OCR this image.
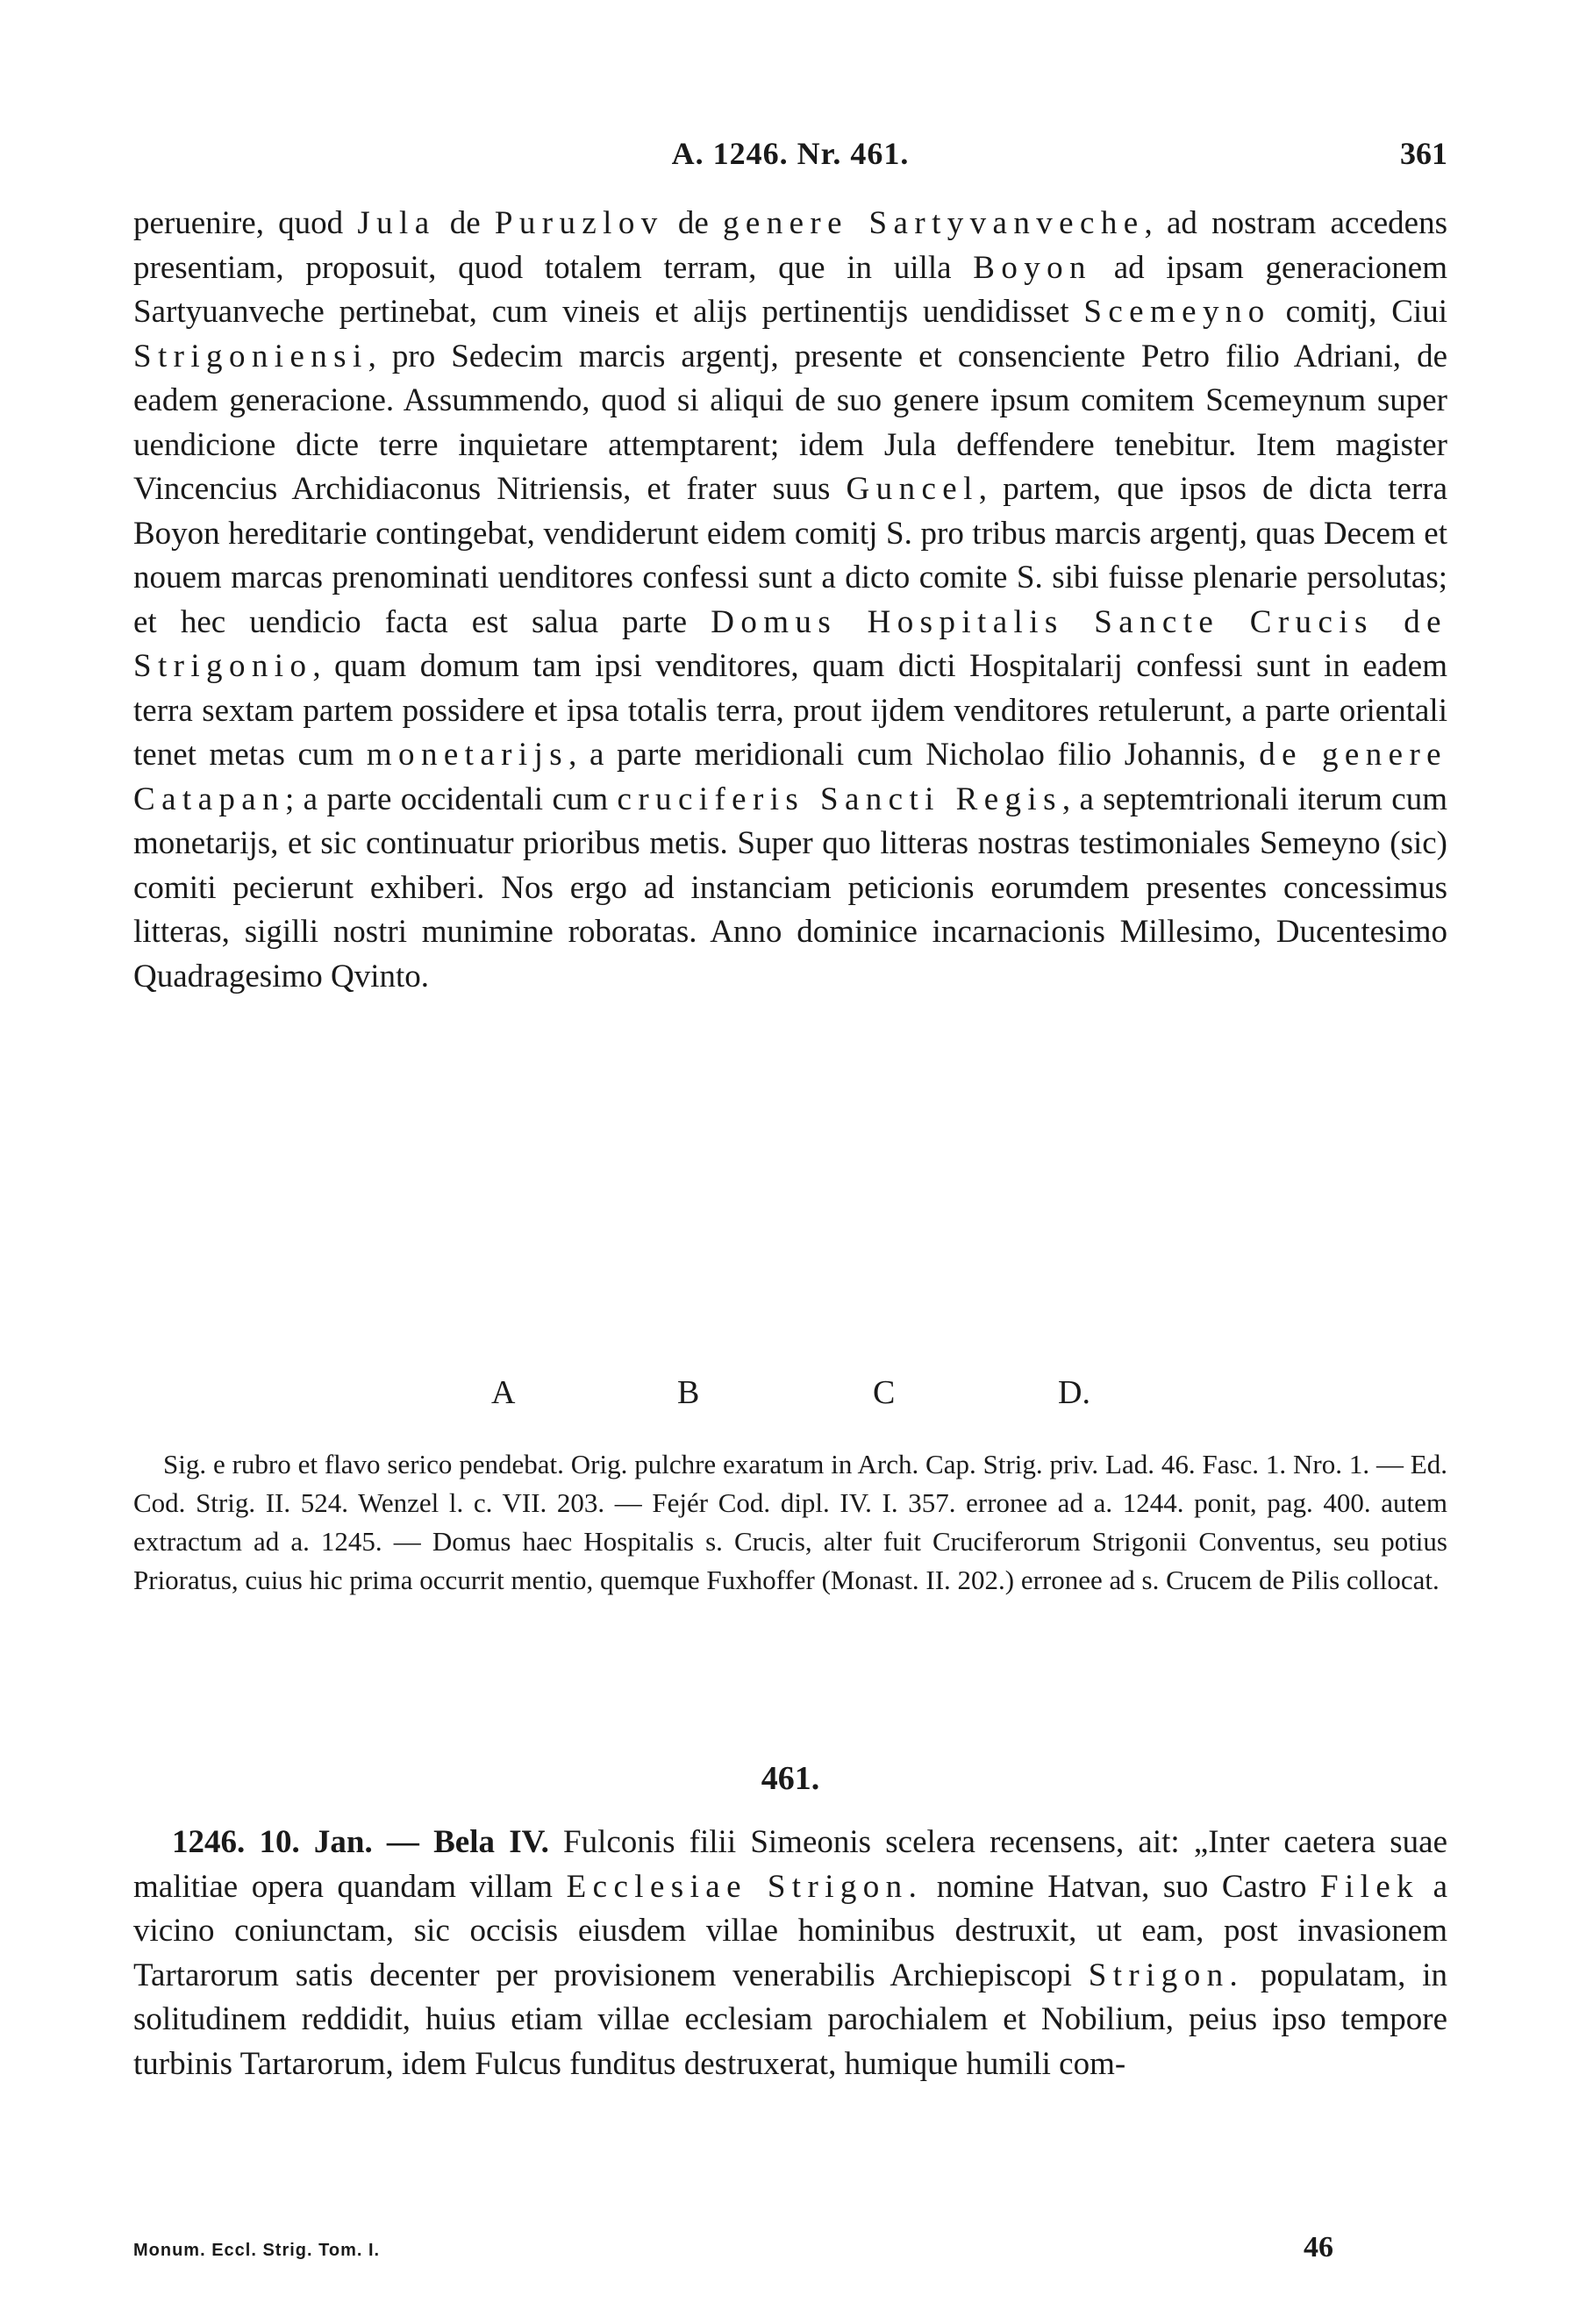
A. 1246. Nr. 461.	361

peruenire, quod Jula de Puruzlov de genere Sartyvanveche, ad nostram accedens presentiam, proposuit, quod totalem terram, que in uilla Boyon ad ipsam generacionem Sartyuanveche pertinebat, cum vineis et alijs pertinentijs uendidisset Scemeyno comitj, Ciui Strigoniensi, pro Sedecim marcis argentj, presente et consenciente Petro filio Adriani, de eadem generacione. Assummendo, quod si aliqui de suo genere ipsum comitem Scemeynum super uendicione dicte terre inquietare attemptarent; idem Jula deffendere tenebitur. Item magister Vincencius Archidiaconus Nitriensis, et frater suus Guncel, partem, que ipsos de dicta terra Boyon hereditarie contingebat, vendiderunt eidem comitj S. pro tribus marcis argentj, quas Decem et nouem marcas prenominati uenditores confessi sunt a dicto comite S. sibi fuisse plenarie persolutas; et hec uendicio facta est salua parte Domus Hospitalis Sancte Crucis de Strigonio, quam domum tam ipsi venditores, quam dicti Hospitalarij confessi sunt in eadem terra sextam partem possidere et ipsa totalis terra, prout ijdem venditores retulerunt, a parte orientali tenet metas cum monetarijs, a parte meridionali cum Nicholao filio Johannis, de genere Catapan; a parte occidentali cum cruciferis Sancti Regis, a septemtrionali iterum cum monetarijs, et sic continuatur prioribus metis. Super quo litteras nostras testimoniales Semeyno (sic) comiti pecierunt exhiberi. Nos ergo ad instanciam peticionis eorumdem presentes concessimus litteras, sigilli nostri munimine roboratas. Anno dominice incarnacionis Millesimo, Ducentesimo Quadragesimo Qvinto.

A	B	C	D.

Sig. e rubro et flavo serico pendebat. Orig. pulchre exaratum in Arch. Cap. Strig. priv. Lad. 46. Fasc. 1. Nro. 1. — Ed. Cod. Strig. II. 524. Wenzel l. c. VII. 203. — Fejér Cod. dipl. IV. I. 357. erronee ad a. 1244. ponit, pag. 400. autem extractum ad a. 1245. — Domus haec Hospitalis s. Crucis, alter fuit Cruciferorum Strigonii Conventus, seu potius Prioratus, cuius hic prima occurrit mentio, quemque Fuxhoffer (Monast. II. 202.) erronee ad s. Crucem de Pilis collocat.

461.

1246. 10. Jan. — Bela IV. Fulconis filii Simeonis scelera recensens, ait: „Inter caetera suae malitiae opera quandam villam Ecclesiae Strigon. nomine Hatvan, suo Castro Filek a vicino coniunctam, sic occisis eiusdem villae hominibus destruxit, ut eam, post invasionem Tartarorum satis decenter per provisionem venerabilis Archiepiscopi Strigon. populatam, in solitudinem reddidit, huius etiam villae ecclesiam parochialem et Nobilium, peius ipso tempore turbinis Tartarorum, idem Fulcus funditus destruxerat, humique humili com-

Monum. Eccl. Strig. Tom. I.	46
